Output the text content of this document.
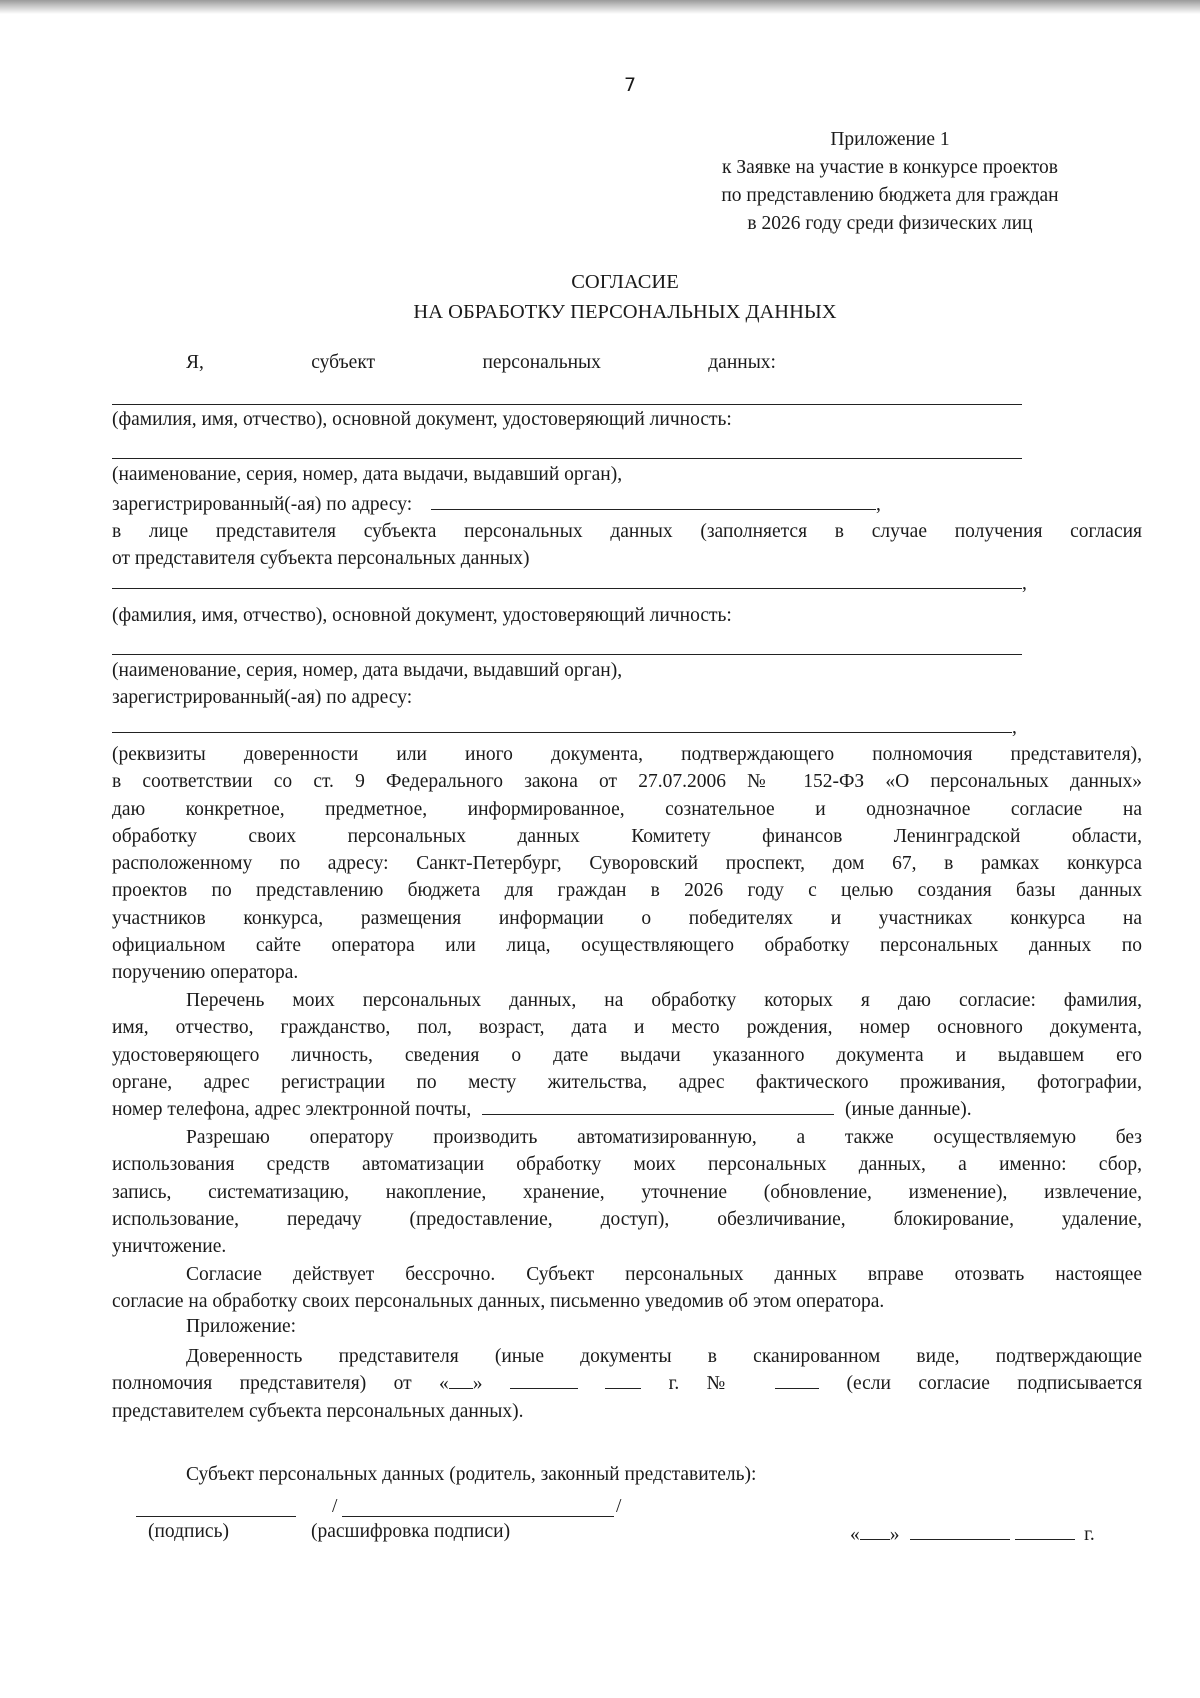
7
Приложение 1
к Заявке на участие в конкурсе проектов
по представлению бюджета для граждан
в 2026 году среди физических лиц
СОГЛАСИЕ
НА ОБРАБОТКУ ПЕРСОНАЛЬНЫХ ДАННЫХ
Я,	субъект	персональных	данных:
(фамилия, имя, отчество), основной документ, удостоверяющий личность:
(наименование, серия, номер, дата выдачи, выдавший орган),
зарегистрированный(-ая) по адресу:	,

в лице представителя субъекта персональных данных (заполняется в случае получения согласия

от представителя субъекта персональных данных)

,
(фамилия, имя, отчество), основной документ, удостоверяющий личность:
(наименование, серия, номер, дата выдачи, выдавший орган),
зарегистрированный(-ая) по адресу:
,

(реквизиты доверенности или иного документа, подтверждающего полномочия представителя),

в соответствии со ст. 9 Федерального закона от 27.07.2006 № 152-ФЗ «О персональных данных»

даю конкретное, предметное, информированное, сознательное и однозначное согласие на

обработку своих персональных данных Комитету финансов Ленинградской области,

расположенному по адресу: Санкт-Петербург, Суворовский проспект, дом 67, в рамках конкурса

проектов по представлению бюджета для граждан в 2026 году с целью создания базы данных

участников конкурса, размещения информации о победителях и участниках конкурса на

официальном сайте оператора или лица, осуществляющего обработку персональных данных по

поручению оператора.

Перечень моих персональных данных, на обработку которых я даю согласие: фамилия,

имя, отчество, гражданство, пол, возраст, дата и место рождения, номер основного документа,

удостоверяющего личность, сведения о дате выдачи указанного документа и выдавшем его

органе, адрес регистрации по месту жительства, адрес фактического проживания, фотографии,

номер телефона, адрес электронной почты,	(иные данные).

Разрешаю оператору производить автоматизированную, а также осуществляемую без

использования средств автоматизации обработку моих персональных данных, а именно: сбор,

запись, систематизацию, накопление, хранение, уточнение (обновление, изменение), извлечение,

использование, передачу (предоставление, доступ), обезличивание, блокирование, удаление,

уничтожение.

Согласие действует бессрочно. Субъект персональных данных вправе отозвать настоящее

согласие на обработку своих персональных данных, письменно уведомив об этом оператора.

Приложение:

Доверенность представителя (иные документы в сканированном виде, подтверждающие

полномочия представителя) от « »	г. №	(если согласие подписывается

представителем субъекта персональных данных).

Субъект персональных данных (родитель, законный представитель):
/	/
(подпись)	(расшифровка подписи)	« »	г.
